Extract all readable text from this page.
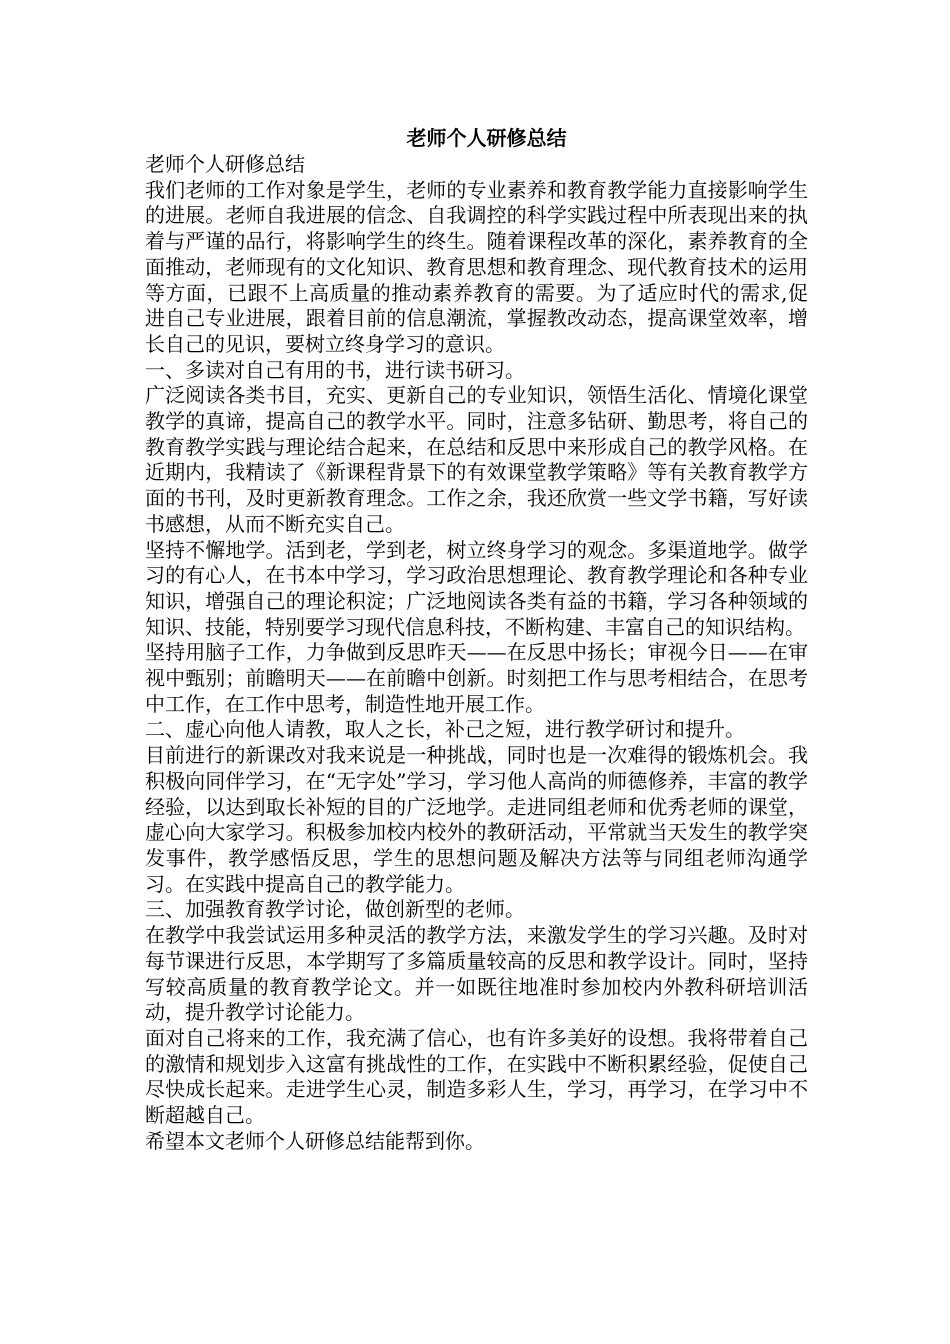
老师个人研修总结

老师个人研修总结

我们老师的工作对象是学生，老师的专业素养和教育教学能力直接影响学生的进展。老师自我进展的信念、自我调控的科学实践过程中所表现出来的执着与严谨的品行，将影响学生的终生。随着课程改革的深化，素养教育的全面推动，老师现有的文化知识、教育思想和教育理念、现代教育技术的运用等方面，已跟不上高质量的推动素养教育的需要。为了适应时代的需求,促进自己专业进展，跟着目前的信息潮流，掌握教改动态，提高课堂效率，增长自己的见识，要树立终身学习的意识。

一、多读对自己有用的书，进行读书研习。

广泛阅读各类书目，充实、更新自己的专业知识，领悟生活化、情境化课堂教学的真谛，提高自己的教学水平。同时，注意多钻研、勤思考，将自己的教育教学实践与理论结合起来，在总结和反思中来形成自己的教学风格。在近期内，我精读了《新课程背景下的有效课堂教学策略》等有关教育教学方面的书刊，及时更新教育理念。工作之余，我还欣赏一些文学书籍，写好读书感想，从而不断充实自己。

坚持不懈地学。活到老，学到老，树立终身学习的观念。多渠道地学。做学习的有心人，在书本中学习，学习政治思想理论、教育教学理论和各种专业知识，增强自己的理论积淀；广泛地阅读各类有益的书籍，学习各种领域的知识、技能，特别要学习现代信息科技，不断构建、丰富自己的知识结构。

坚持用脑子工作，力争做到反思昨天——在反思中扬长；审视今日——在审视中甄别；前瞻明天——在前瞻中创新。时刻把工作与思考相结合，在思考中工作，在工作中思考，制造性地开展工作。

二、虚心向他人请教，取人之长，补己之短，进行教学研讨和提升。

目前进行的新课改对我来说是一种挑战，同时也是一次难得的锻炼机会。我积极向同伴学习，在“无字处”学习，学习他人高尚的师德修养，丰富的教学经验，以达到取长补短的目的广泛地学。走进同组老师和优秀老师的课堂，虚心向大家学习。积极参加校内校外的教研活动，平常就当天发生的教学突发事件，教学感悟反思，学生的思想问题及解决方法等与同组老师沟通学习。在实践中提高自己的教学能力。

三、加强教育教学讨论，做创新型的老师。

在教学中我尝试运用多种灵活的教学方法，来激发学生的学习兴趣。及时对每节课进行反思，本学期写了多篇质量较高的反思和教学设计。同时，坚持写较高质量的教育教学论文。并一如既往地准时参加校内外教科研培训活动，提升教学讨论能力。

面对自己将来的工作，我充满了信心，也有许多美好的设想。我将带着自己的激情和规划步入这富有挑战性的工作，在实践中不断积累经验，促使自己尽快成长起来。走进学生心灵，制造多彩人生，学习，再学习，在学习中不断超越自己。

希望本文老师个人研修总结能帮到你。
